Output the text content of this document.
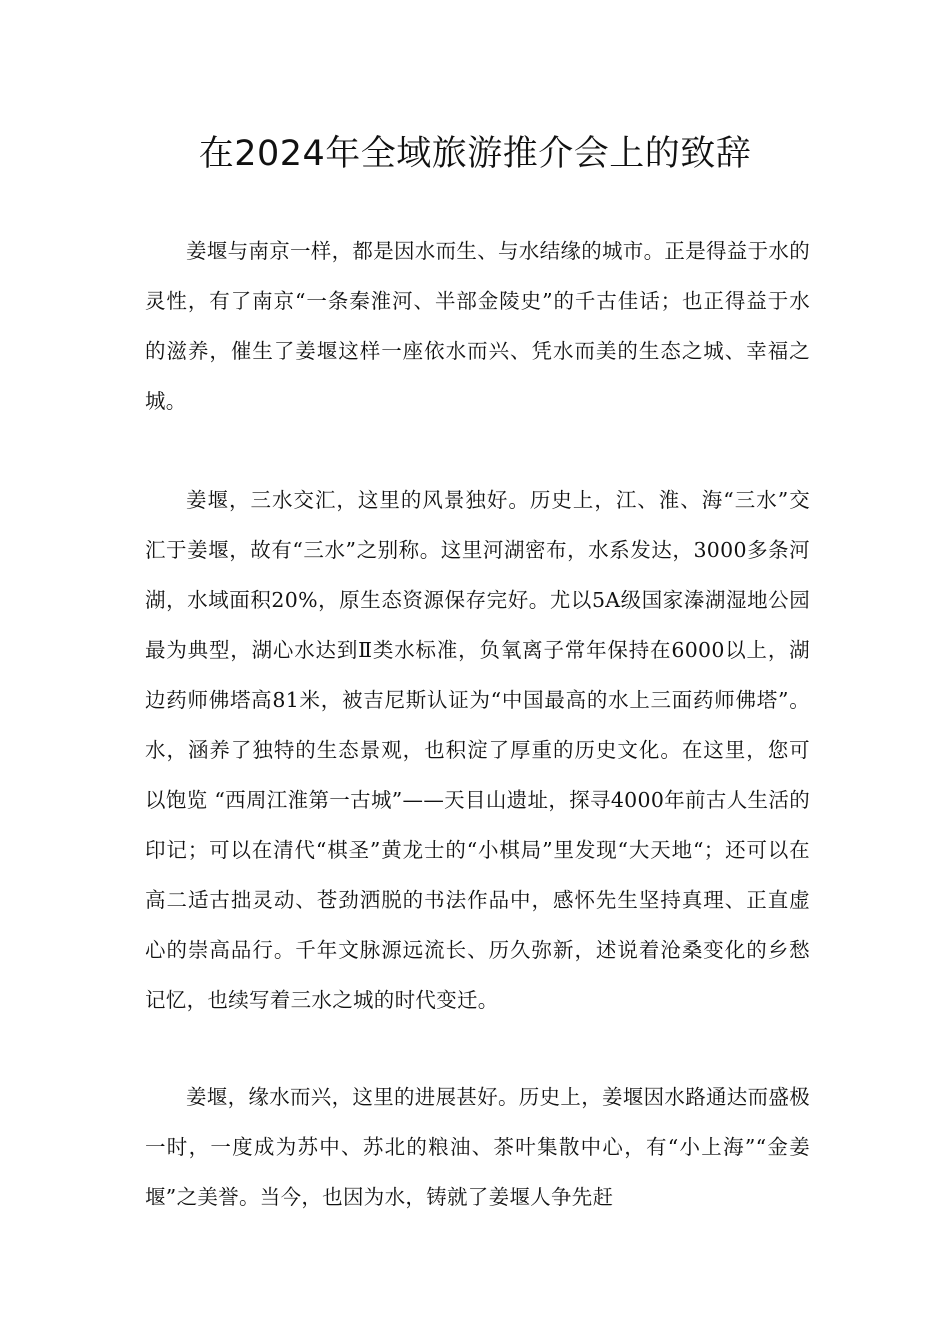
在2024年全域旅游推介会上的致辞

姜堰与南京一样，都是因水而生、与水结缘的城市。正是得益于水的灵性，有了南京“一条秦淮河、半部金陵史”的千古佳话；也正得益于水的滋养，催生了姜堰这样一座依水而兴、凭水而美的生态之城、幸福之城。

姜堰，三水交汇，这里的风景独好。历史上，江、淮、海“三水”交汇于姜堰，故有“三水”之别称。这里河湖密布，水系发达，3000多条河湖，水域面积20%，原生态资源保存完好。尤以5A级国家溱湖湿地公园最为典型，湖心水达到Ⅱ类水标准，负氧离子常年保持在6000以上，湖边药师佛塔高81米，被吉尼斯认证为“中国最高的水上三面药师佛塔”。水，涵养了独特的生态景观，也积淀了厚重的历史文化。在这里，您可以饱览 “西周江淮第一古城”——天目山遗址，探寻4000年前古人生活的印记；可以在清代“棋圣”黄龙士的“小棋局”里发现“大天地“；还可以在高二适古拙灵动、苍劲洒脱的书法作品中，感怀先生坚持真理、正直虚心的崇高品行。千年文脉源远流长、历久弥新，述说着沧桑变化的乡愁记忆，也续写着三水之城的时代变迁。

姜堰，缘水而兴，这里的进展甚好。历史上，姜堰因水路通达而盛极一时，一度成为苏中、苏北的粮油、茶叶集散中心，有“小上海”“金姜堰”之美誉。当今，也因为水，铸就了姜堰人争先赶
